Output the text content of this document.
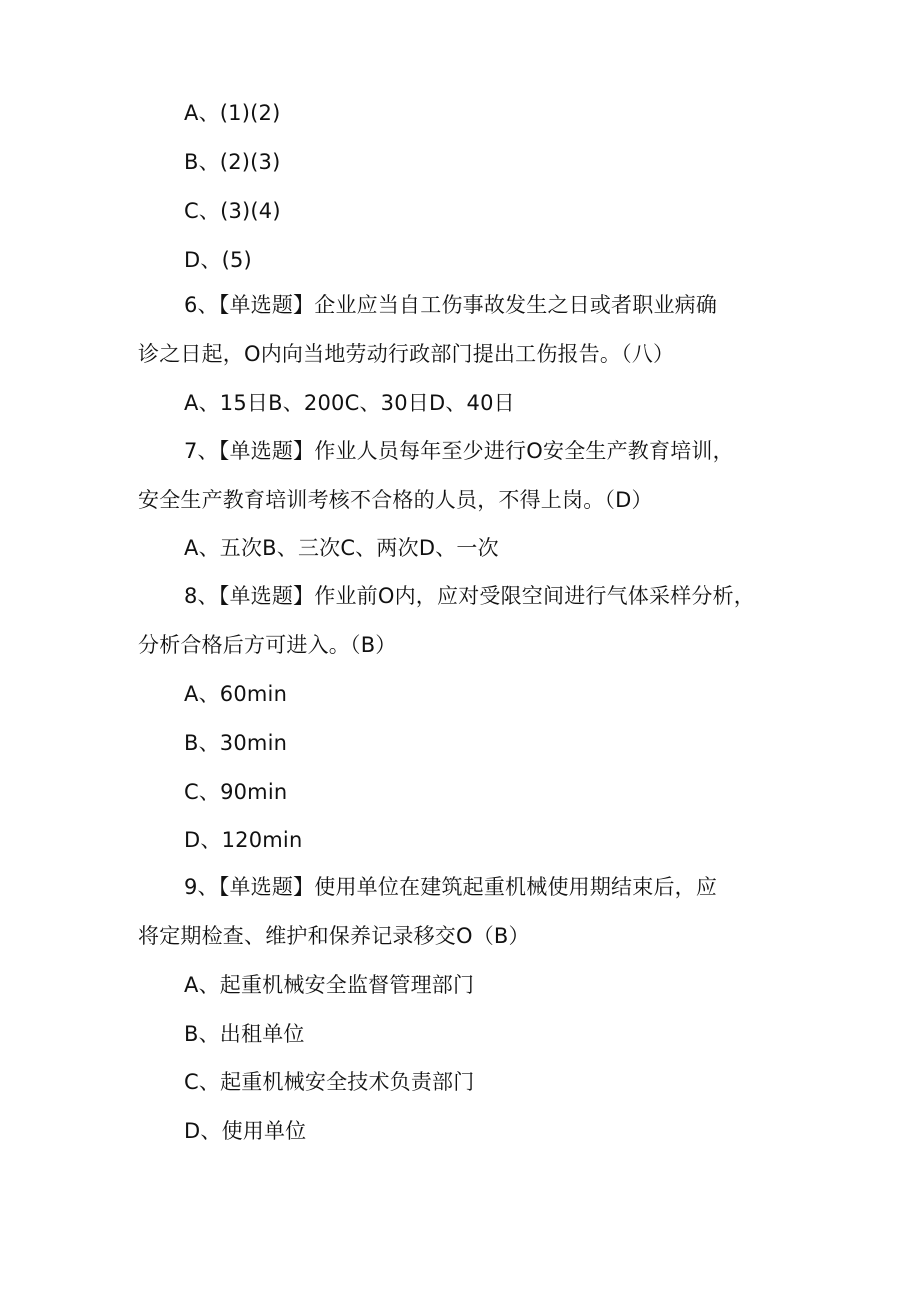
A、(1)(2)
B、(2)(3)
C、(3)(4)
D、(5)
6、【单选题】企业应当自工伤事故发生之日或者职业病确
诊之日起，O内向当地劳动行政部门提出工伤报告。（八）
A、15日B、200C、30日D、40日
7、【单选题】作业人员每年至少进行O安全生产教育培训，
安全生产教育培训考核不合格的人员，不得上岗。（D）
A、五次B、三次C、两次D、一次
8、【单选题】作业前O内，应对受限空间进行气体采样分析，
分析合格后方可进入。（B）
A、60min
B、30min
C、90min
D、120min
9、【单选题】使用单位在建筑起重机械使用期结束后，应
将定期检查、维护和保养记录移交O（B）
A、起重机械安全监督管理部门
B、出租单位
C、起重机械安全技术负责部门
D、使用单位
